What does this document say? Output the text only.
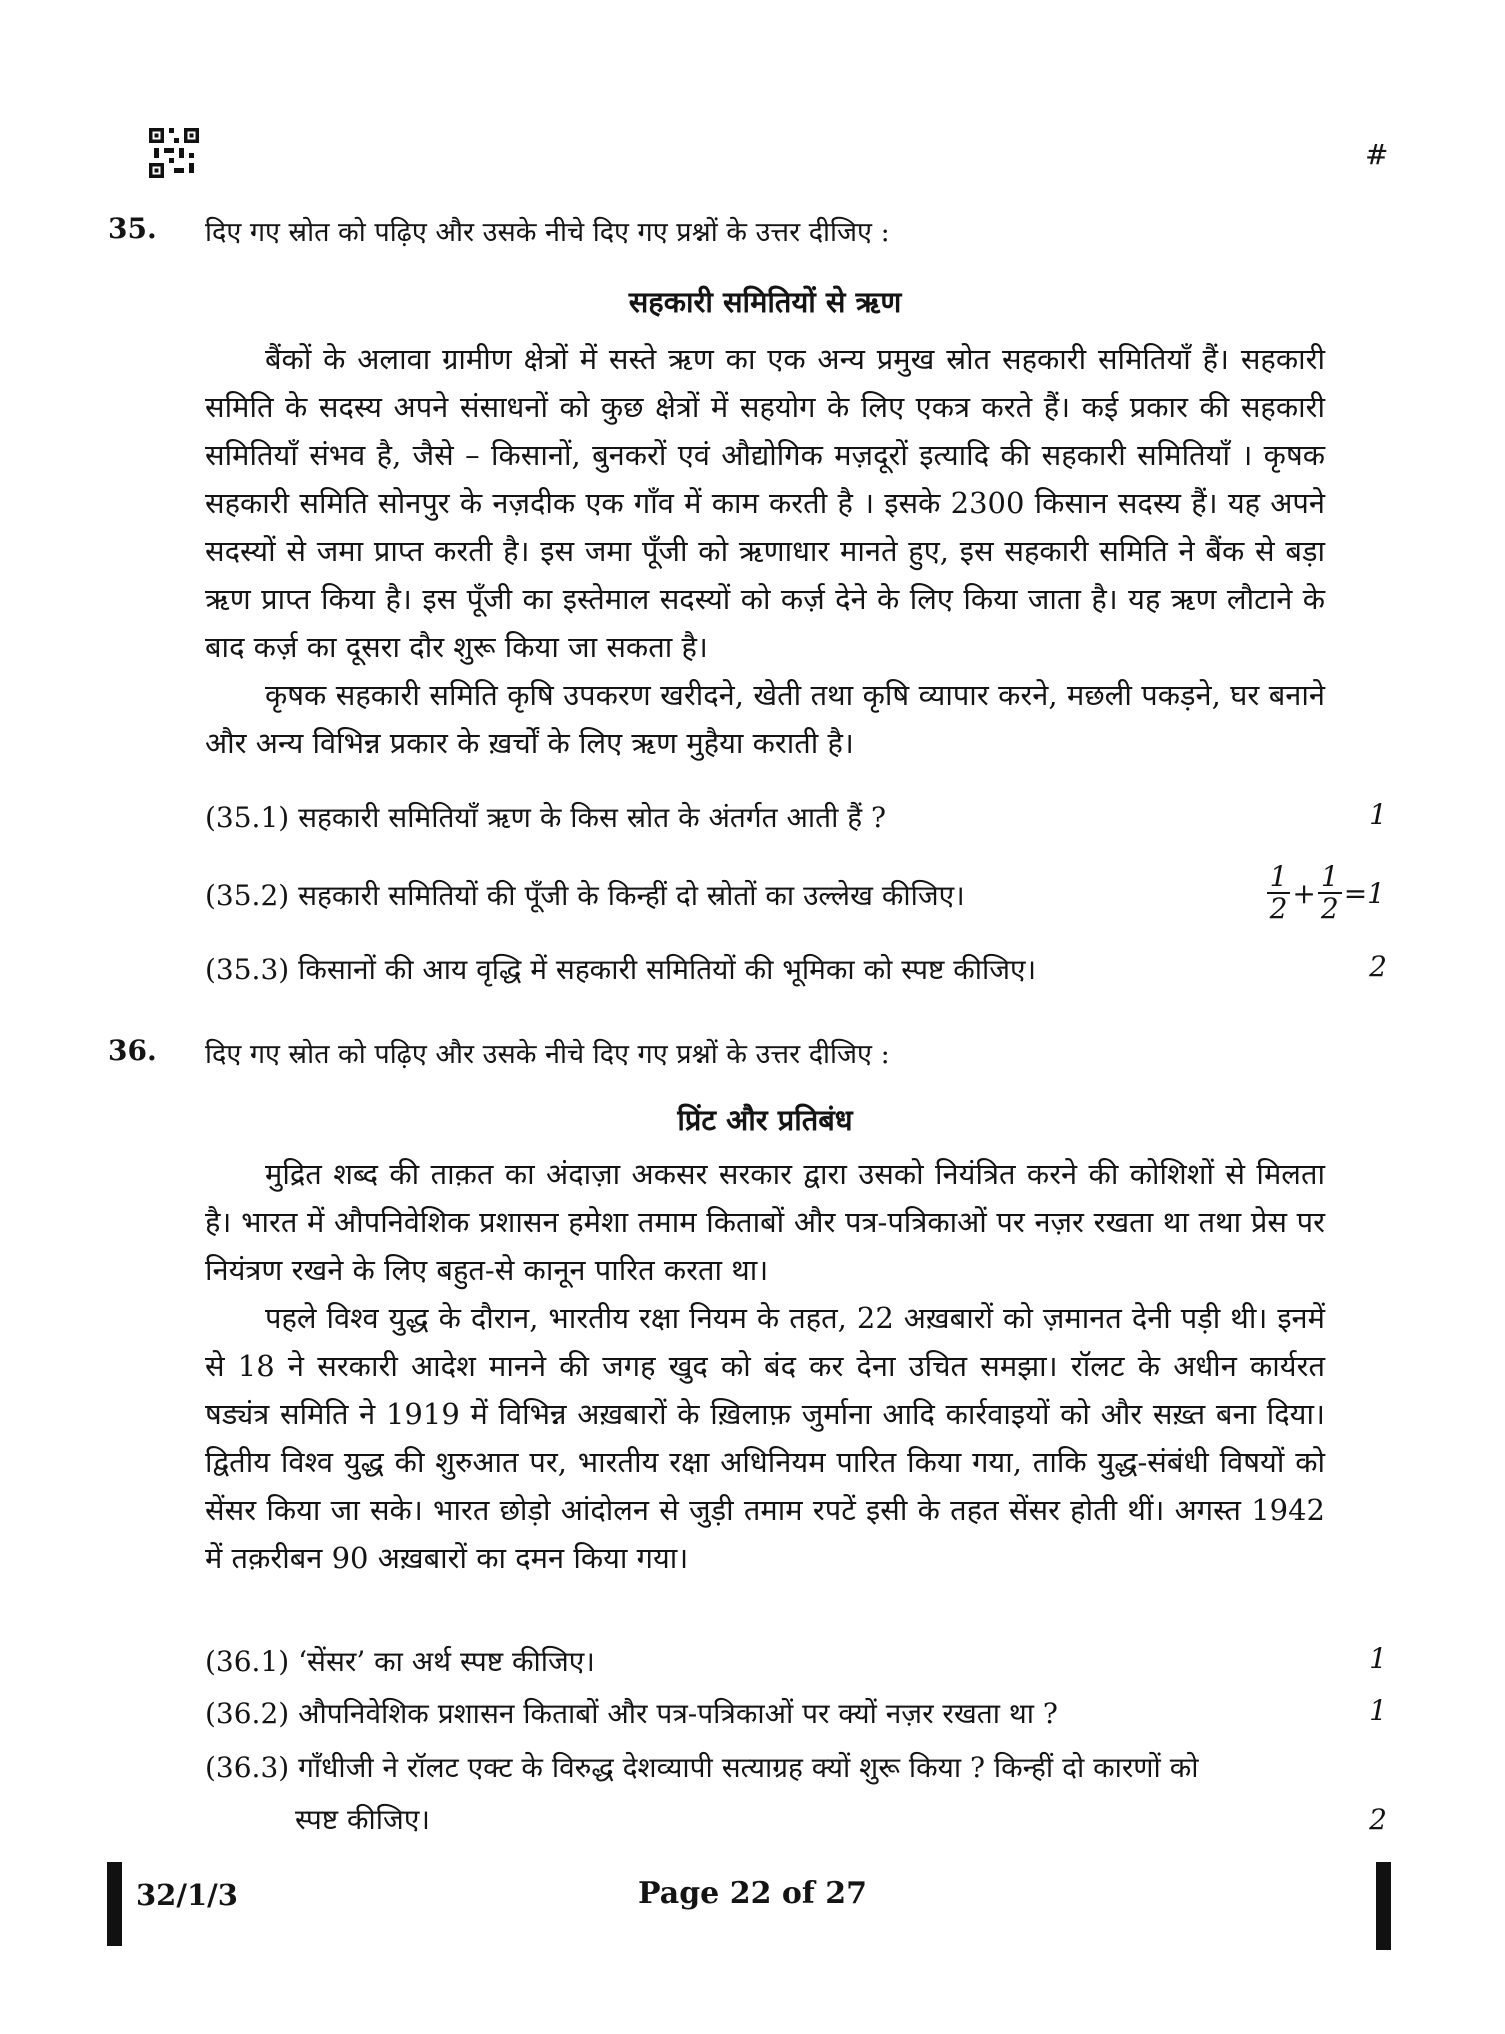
#
35. दिए गए स्रोत को पढ़िए और उसके नीचे दिए गए प्रश्नों के उत्तर दीजिए :
सहकारी समितियों से ऋण

बैंकों के अलावा ग्रामीण क्षेत्रों में सस्ते ऋण का एक अन्य प्रमुख स्रोत सहकारी समितियाँ हैं। सहकारी समिति के सदस्य अपने संसाधनों को कुछ क्षेत्रों में सहयोग के लिए एकत्र करते हैं। कई प्रकार की सहकारी समितियाँ संभव है, जैसे – किसानों, बुनकरों एवं औद्योगिक मज़दूरों इत्यादि की सहकारी समितियाँ । कृषक सहकारी समिति सोनपुर के नज़दीक एक गाँव में काम करती है । इसके 2300 किसान सदस्य हैं। यह अपने सदस्यों से जमा प्राप्त करती है। इस जमा पूँजी को ऋणाधार मानते हुए, इस सहकारी समिति ने बैंक से बड़ा ऋण प्राप्त किया है। इस पूँजी का इस्तेमाल सदस्यों को कर्ज़ देने के लिए किया जाता है। यह ऋण लौटाने के बाद कर्ज़ का दूसरा दौर शुरू किया जा सकता है।

कृषक सहकारी समिति कृषि उपकरण खरीदने, खेती तथा कृषि व्यापार करने, मछली पकड़ने, घर बनाने और अन्य विभिन्न प्रकार के ख़र्चों के लिए ऋण मुहैया कराती है।

(35.1) सहकारी समितियाँ ऋण के किस स्रोत के अंतर्गत आती हैं ?	1
(35.2) सहकारी समितियों की पूँजी के किन्हीं दो स्रोतों का उल्लेख कीजिए।	$\frac{1}{2} + \frac{1}{2} =1$
(35.3) किसानों की आय वृद्धि में सहकारी समितियों की भूमिका को स्पष्ट कीजिए।	2
36. दिए गए स्रोत को पढ़िए और उसके नीचे दिए गए प्रश्नों के उत्तर दीजिए :
प्रिंट और प्रतिबंध

मुद्रित शब्द की ताक़त का अंदाज़ा अकसर सरकार द्वारा उसको नियंत्रित करने की कोशिशों से मिलता है। भारत में औपनिवेशिक प्रशासन हमेशा तमाम किताबों और पत्र-पत्रिकाओं पर नज़र रखता था तथा प्रेस पर नियंत्रण रखने के लिए बहुत-से कानून पारित करता था।

पहले विश्व युद्ध के दौरान, भारतीय रक्षा नियम के तहत, 22 अख़बारों को ज़मानत देनी पड़ी थी। इनमें से 18 ने सरकारी आदेश मानने की जगह खुद को बंद कर देना उचित समझा। रॉलट के अधीन कार्यरत षड्यंत्र समिति ने 1919 में विभिन्न अख़बारों के ख़िलाफ़ जुर्माना आदि कार्रवाइयों को और सख़्त बना दिया। द्वितीय विश्व युद्ध की शुरुआत पर, भारतीय रक्षा अधिनियम पारित किया गया, ताकि युद्ध-संबंधी विषयों को सेंसर किया जा सके। भारत छोड़ो आंदोलन से जुड़ी तमाम रपटें इसी के तहत सेंसर होती थीं। अगस्त 1942 में तक़रीबन 90 अख़बारों का दमन किया गया।

(36.1) ‘सेंसर’ का अर्थ स्पष्ट कीजिए।	1
(36.2) औपनिवेशिक प्रशासन किताबों और पत्र-पत्रिकाओं पर क्यों नज़र रखता था ?	1
(36.3) गाँधीजी ने रॉलट एक्ट के विरुद्ध देशव्यापी सत्याग्रह क्यों शुरू किया ? किन्हीं दो कारणों को
स्पष्ट कीजिए।	2
32/1/3	Page 22 of 27
